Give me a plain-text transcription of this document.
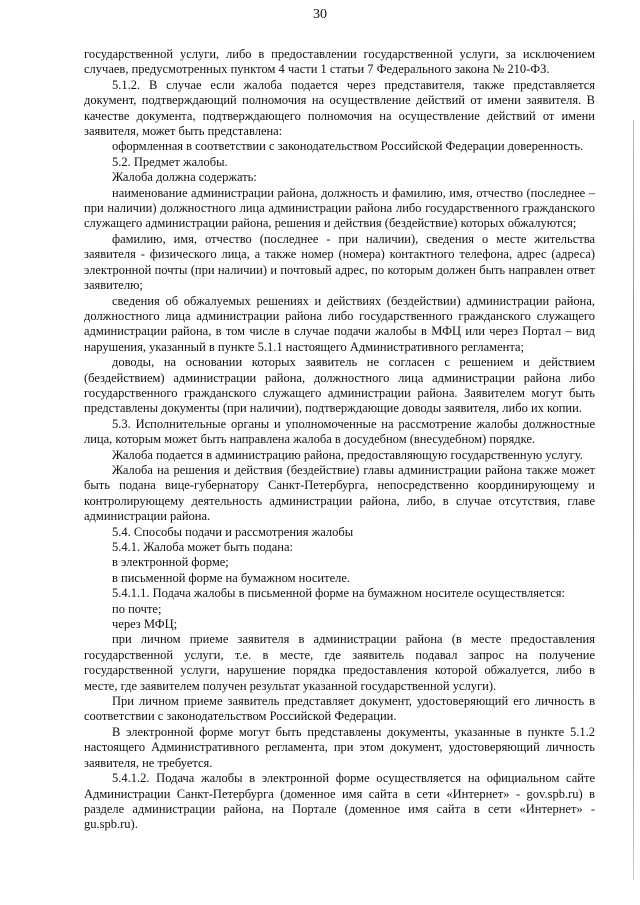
30

государственной услуги, либо в предоставлении государственной услуги, за исключением случаев, предусмотренных пунктом 4 части 1 статьи 7 Федерального закона № 210-ФЗ.

5.1.2. В случае если жалоба подается через представителя, также представляется документ, подтверждающий полномочия на осуществление действий от имени заявителя. В качестве документа, подтверждающего полномочия на осуществление действий от имени заявителя, может быть представлена:

оформленная в соответствии с законодательством Российской Федерации доверенность.

5.2. Предмет жалобы.

Жалоба должна содержать:

наименование администрации района, должность и фамилию, имя, отчество (последнее – при наличии) должностного лица администрации района либо государственного гражданского служащего администрации района, решения и действия (бездействие) которых обжалуются;

фамилию, имя, отчество (последнее - при наличии), сведения о месте жительства заявителя - физического лица, а также номер (номера) контактного телефона, адрес (адреса) электронной почты (при наличии) и почтовый адрес, по которым должен быть направлен ответ заявителю;

сведения об обжалуемых решениях и действиях (бездействии) администрации района, должностного лица администрации района либо государственного гражданского служащего администрации района, в том числе в случае подачи жалобы в МФЦ или через Портал – вид нарушения, указанный в пункте 5.1.1 настоящего Административного регламента;

доводы, на основании которых заявитель не согласен с решением и действием (бездействием) администрации района, должностного лица администрации района либо государственного гражданского служащего администрации района. Заявителем могут быть представлены документы (при наличии), подтверждающие доводы заявителя, либо их копии.

5.3. Исполнительные органы и уполномоченные на рассмотрение жалобы должностные лица, которым может быть направлена жалоба в досудебном (внесудебном) порядке.

Жалоба подается в администрацию района, предоставляющую государственную услугу.

Жалоба на решения и действия (бездействие) главы администрации района также может быть подана вице-губернатору Санкт-Петербурга, непосредственно координирующему и контролирующему деятельность администрации района, либо, в случае отсутствия, главе администрации района.

5.4. Способы подачи и рассмотрения жалобы

5.4.1. Жалоба может быть подана:

в электронной форме;

в письменной форме на бумажном носителе.

5.4.1.1. Подача жалобы в письменной форме на бумажном носителе осуществляется:

по почте;

через МФЦ;

при личном приеме заявителя в администрации района (в месте предоставления государственной услуги, т.е. в месте, где заявитель подавал запрос на получение государственной услуги, нарушение порядка предоставления которой обжалуется, либо в месте, где заявителем получен результат указанной государственной услуги).

При личном приеме заявитель представляет документ, удостоверяющий его личность в соответствии с законодательством Российской Федерации.

В электронной форме могут быть представлены документы, указанные в пункте 5.1.2 настоящего Административного регламента, при этом документ, удостоверяющий личность заявителя, не требуется.

5.4.1.2. Подача жалобы в электронной форме осуществляется на официальном сайте Администрации Санкт-Петербурга (доменное имя сайта в сети «Интернет» - gov.spb.ru) в разделе администрации района, на Портале (доменное имя сайта в сети «Интернет» - gu.spb.ru).
